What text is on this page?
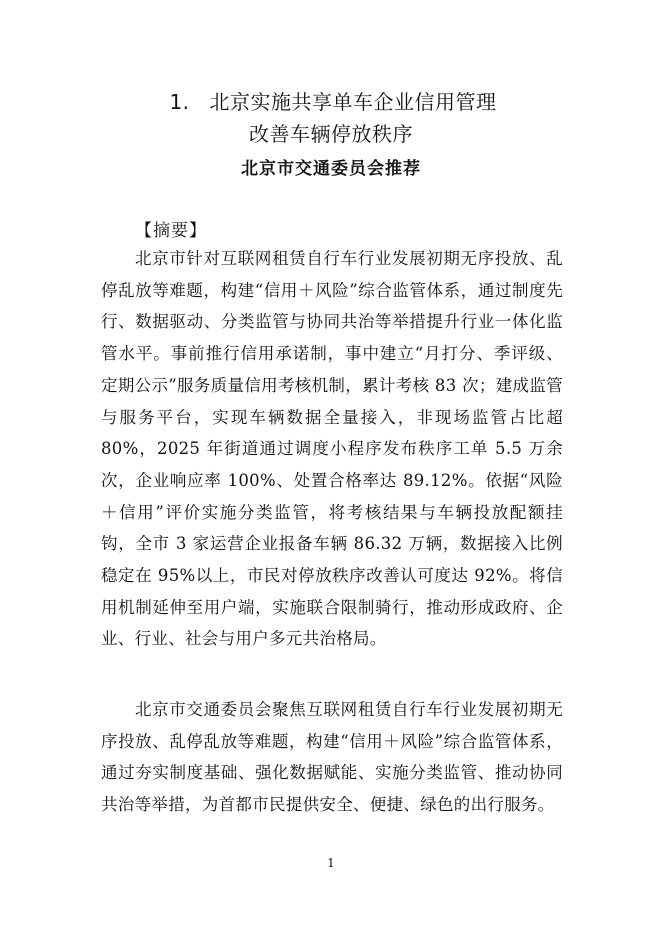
1. 北京实施共享单车企业信用管理
改善车辆停放秩序
北京市交通委员会推荐
【摘要】

北京市针对互联网租赁自行车行业发展初期无序投放、乱停乱放等难题，构建“信用＋风险”综合监管体系，通过制度先行、数据驱动、分类监管与协同共治等举措提升行业一体化监管水平。事前推行信用承诺制，事中建立“月打分、季评级、定期公示”服务质量信用考核机制，累计考核 83 次；建成监管与服务平台，实现车辆数据全量接入，非现场监管占比超 80%，2025 年街道通过调度小程序发布秩序工单 5.5 万余次，企业响应率 100%、处置合格率达 89.12%。依据“风险＋信用”评价实施分类监管，将考核结果与车辆投放配额挂钩，全市 3 家运营企业报备车辆 86.32 万辆，数据接入比例稳定在 95%以上，市民对停放秩序改善认可度达 92%。将信用机制延伸至用户端，实施联合限制骑行，推动形成政府、企业、行业、社会与用户多元共治格局。

北京市交通委员会聚焦互联网租赁自行车行业发展初期无序投放、乱停乱放等难题，构建“信用＋风险”综合监管体系，通过夯实制度基础、强化数据赋能、实施分类监管、推动协同共治等举措，为首都市民提供安全、便捷、绿色的出行服务。

1
